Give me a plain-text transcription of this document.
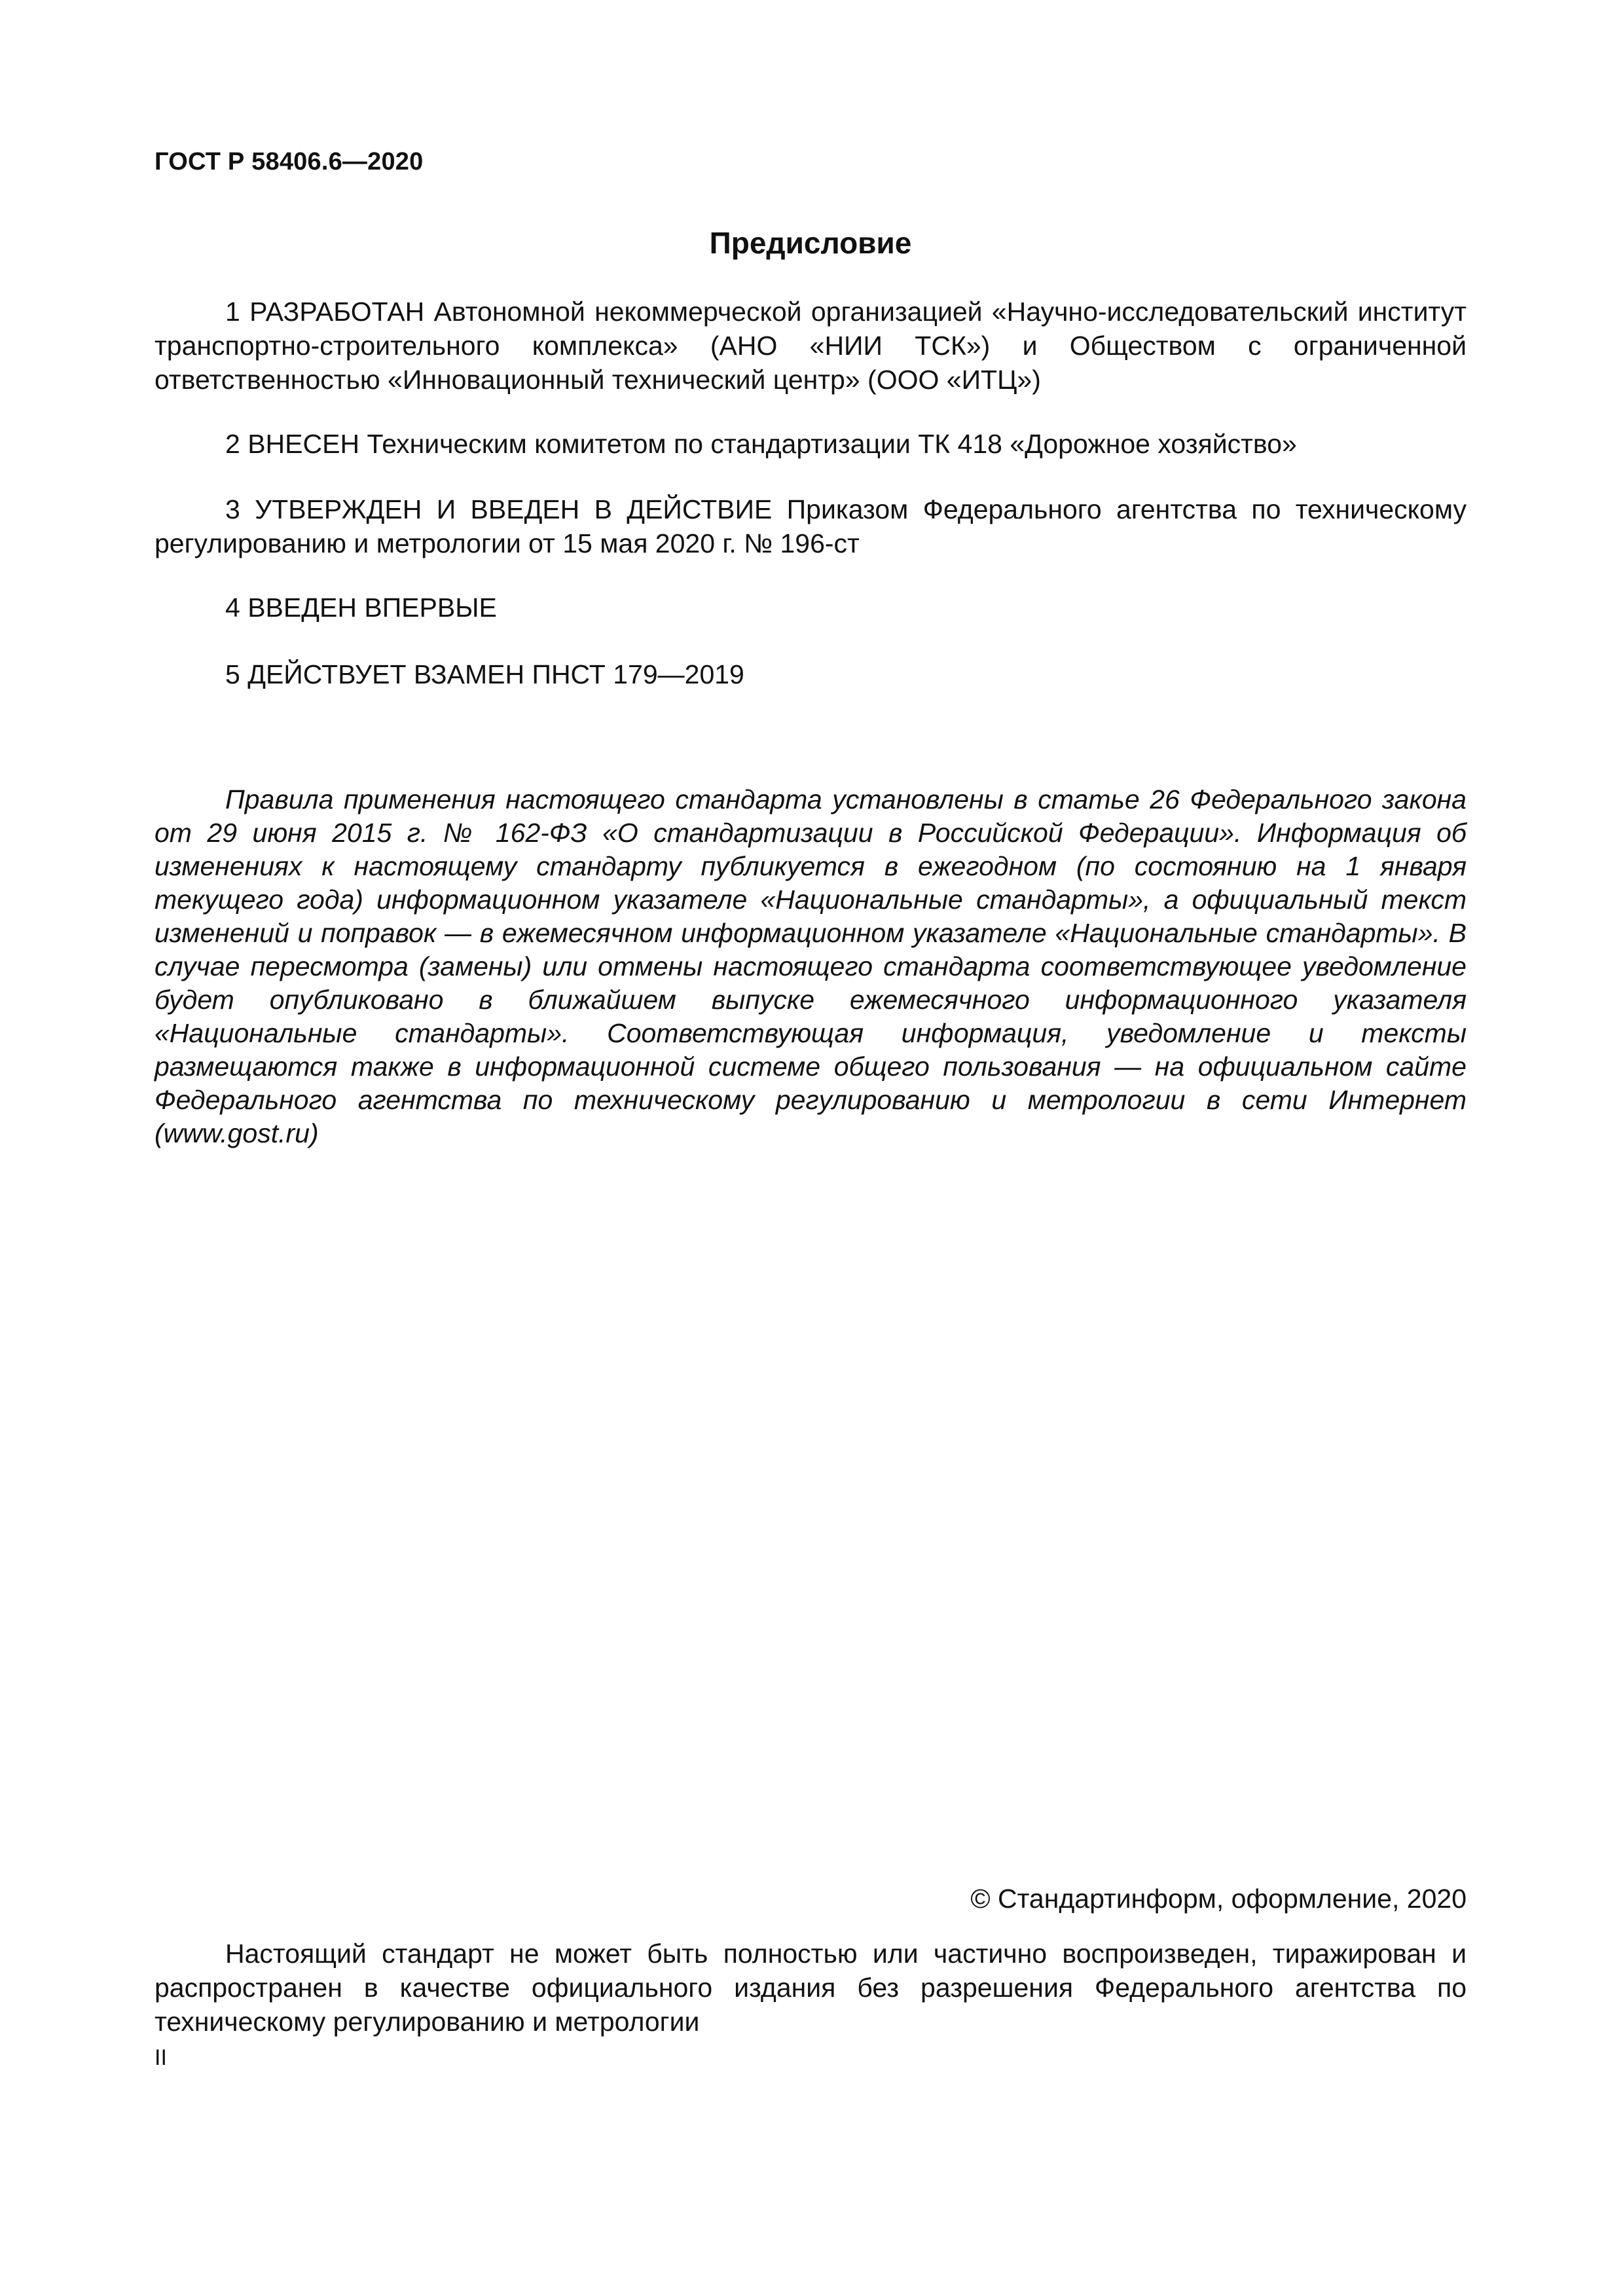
ГОСТ Р 58406.6—2020
Предисловие

1 РАЗРАБОТАН Автономной некоммерческой организацией «Научно-исследовательский институт транспортно-строительного комплекса» (АНО «НИИ ТСК») и Обществом с ограниченной ответственностью «Инновационный технический центр» (ООО «ИТЦ»)

2 ВНЕСЕН Техническим комитетом по стандартизации ТК 418 «Дорожное хозяйство»

3 УТВЕРЖДЕН И ВВЕДЕН В ДЕЙСТВИЕ Приказом Федерального агентства по техническому регулированию и метрологии от 15 мая 2020 г. № 196-ст

4 ВВЕДЕН ВПЕРВЫЕ

5 ДЕЙСТВУЕТ ВЗАМЕН ПНСТ 179—2019

Правила применения настоящего стандарта установлены в статье 26 Федерального закона от 29 июня 2015 г. № 162-ФЗ «О стандартизации в Российской Федерации». Информация об изменениях к настоящему стандарту публикуется в ежегодном (по состоянию на 1 января текущего года) информационном указателе «Национальные стандарты», а официальный текст изменений и поправок — в ежемесячном информационном указателе «Национальные стандарты». В случае пересмотра (замены) или отмены настоящего стандарта соответствующее уведомление будет опубликовано в ближайшем выпуске ежемесячного информационного указателя «Национальные стандарты». Соответствующая информация, уведомление и тексты размещаются также в информационной системе общего пользования — на официальном сайте Федерального агентства по техническому регулированию и метрологии в сети Интернет (www.gost.ru)

© Стандартинформ, оформление, 2020

Настоящий стандарт не может быть полностью или частично воспроизведен, тиражирован и распространен в качестве официального издания без разрешения Федерального агентства по техническому регулированию и метрологии

II
